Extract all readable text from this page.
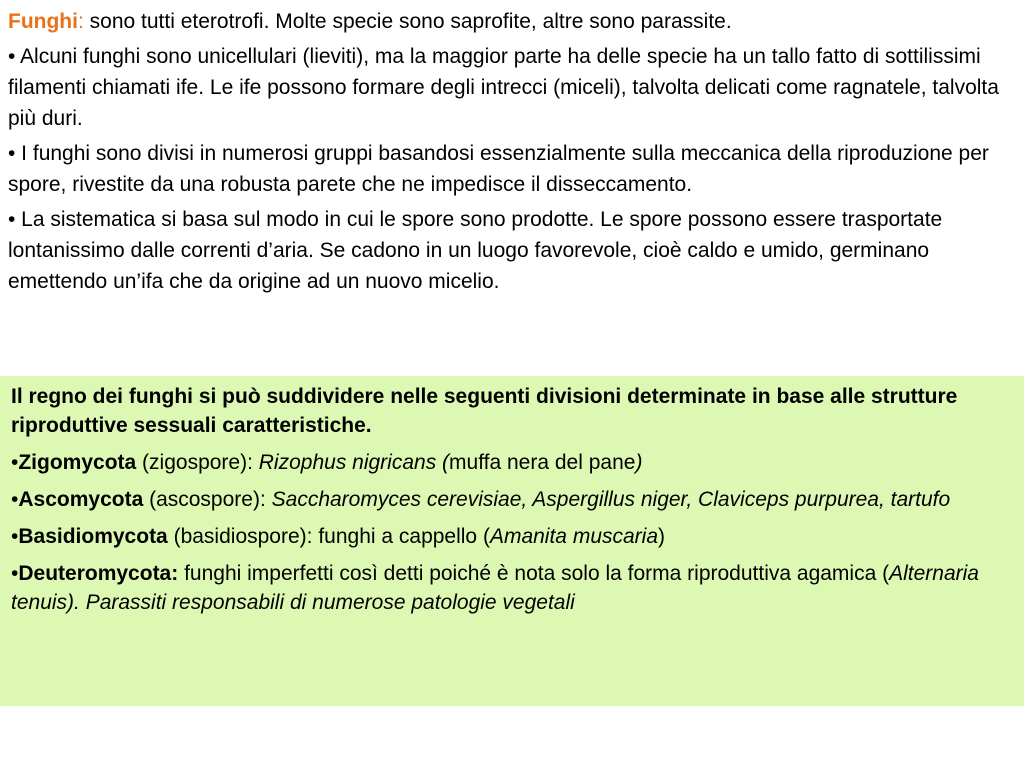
Funghi: sono tutti eterotrofi. Molte specie sono saprofite, altre sono parassite.

• Alcuni funghi sono unicellulari (lieviti), ma la maggior parte ha delle specie ha un tallo fatto di sottilissimi filamenti chiamati ife. Le ife possono formare degli intrecci (miceli), talvolta delicati come ragnatele, talvolta più duri.

• I funghi sono divisi in numerosi gruppi basandosi essenzialmente sulla meccanica della riproduzione per spore, rivestite da una robusta parete che ne impedisce il disseccamento.

• La sistematica si basa sul modo in cui le spore sono prodotte. Le spore possono essere trasportate lontanissimo dalle correnti d’aria. Se cadono in un luogo favorevole, cioè caldo e umido, germinano emettendo un’ifa che da origine ad un nuovo micelio.

Il regno dei funghi si può suddividere nelle seguenti divisioni determinate in base alle strutture riproduttive sessuali caratteristiche.

•Zigomycota (zigospore): Rizophus nigricans (muffa nera del pane)

•Ascomycota (ascospore): Saccharomyces cerevisiae, Aspergillus niger, Claviceps purpurea, tartufo

•Basidiomycota (basidiospore): funghi a cappello (Amanita muscaria)

•Deuteromycota: funghi imperfetti così detti poiché è nota solo la forma riproduttiva agamica (Alternaria tenuis). Parassiti responsabili di numerose patologie vegetali
